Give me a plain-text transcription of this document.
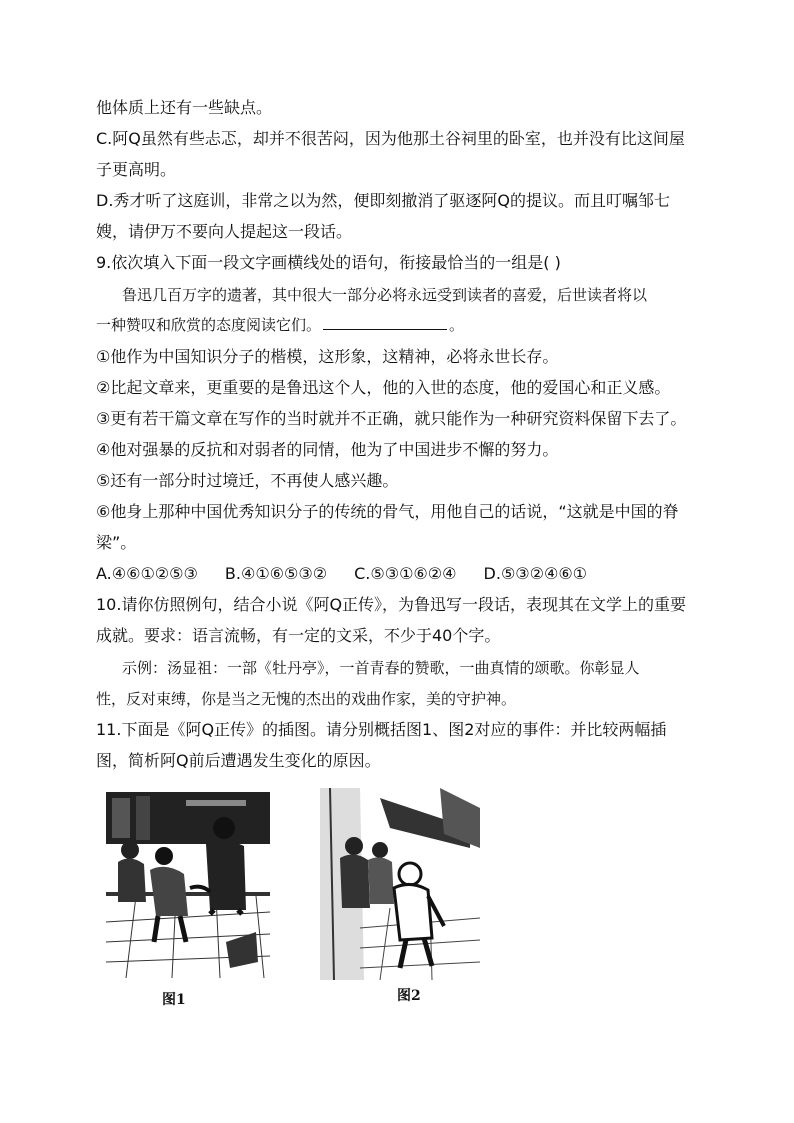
他体质上还有一些缺点。
C.阿Q虽然有些忐忑，却并不很苦闷，因为他那土谷祠里的卧室，也并没有比这间屋
子更高明。
D.秀才听了这庭训，非常之以为然，便即刻撤消了驱逐阿Q的提议。而且叮嘱邹七
嫂，请伊万不要向人提起这一段话。
9.依次填入下面一段文字画横线处的语句，衔接最恰当的一组是( )
鲁迅几百万字的遗著，其中很大一部分必将永远受到读者的喜爱，后世读者将以
一种赞叹和欣赏的态度阅读它们。	。
①他作为中国知识分子的楷模，这形象，这精神，必将永世长存。
②比起文章来，更重要的是鲁迅这个人，他的入世的态度，他的爱国心和正义感。
③更有若干篇文章在写作的当时就并不正确，就只能作为一种研究资料保留下去了。
④他对强暴的反抗和对弱者的同情，他为了中国进步不懈的努力。
⑤还有一部分时过境迁，不再使人感兴趣。
⑥他身上那种中国优秀知识分子的传统的骨气，用他自己的话说，“这就是中国的脊
梁”。
A.④⑥①②⑤③ B.④①⑥⑤③② C.⑤③①⑥②④ D.⑤③②④⑥①
10.请你仿照例句，结合小说《阿Q正传》，为鲁迅写一段话，表现其在文学上的重要
成就。要求：语言流畅，有一定的文采，不少于40个字。
示例：汤显祖：一部《牡丹亭》，一首青春的赞歌，一曲真情的颂歌。你彰显人
性，反对束缚，你是当之无愧的杰出的戏曲作家，美的守护神。
11.下面是《阿Q正传》的插图。请分别概括图1、图2对应的事件：并比较两幅插
图，简析阿Q前后遭遇发生变化的原因。
图1	图2
